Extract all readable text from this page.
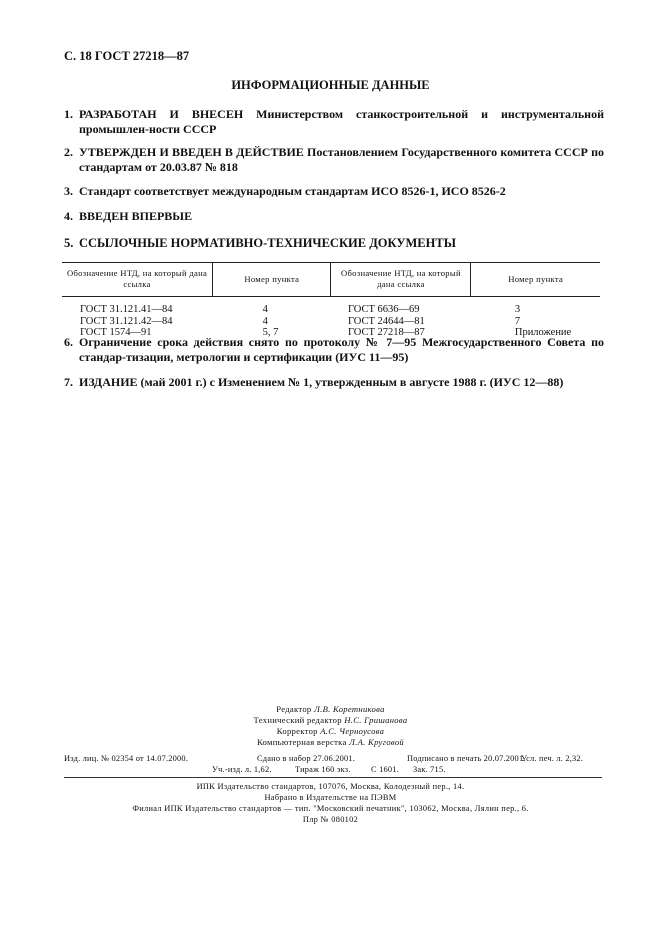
С. 18 ГОСТ 27218—87
ИНФОРМАЦИОННЫЕ ДАННЫЕ
1. РАЗРАБОТАН И ВНЕСЕН Министерством станкостроительной и инструментальной промышлен-ности СССР
2. УТВЕРЖДЕН И ВВЕДЕН В ДЕЙСТВИЕ Постановлением Государственного комитета СССР по стандартам от 20.03.87 № 818
3. Стандарт соответствует международным стандартам ИСО 8526-1, ИСО 8526-2
4. ВВЕДЕН ВПЕРВЫЕ
5. ССЫЛОЧНЫЕ НОРМАТИВНО-ТЕХНИЧЕСКИЕ ДОКУМЕНТЫ
Обозначение НТД, на который дана ссылка	Номер пункта	Обозначение НТД, на который дана ссылка	Номер пункта
ГОСТ 31.121.41—84	4	ГОСТ 6636—69	3
ГОСТ 31.121.42—84	4	ГОСТ 24644—81	7
ГОСТ 1574—91	5, 7	ГОСТ 27218—87	Приложение
6. Ограничение срока действия снято по протоколу № 7—95 Межгосударственного Совета по стандар-тизации, метрологии и сертификации (ИУС 11—95)
7. ИЗДАНИЕ (май 2001 г.) с Изменением № 1, утвержденным в августе 1988 г. (ИУС 12—88)
Редактор Л.В. Коретникова
Технический редактор Н.С. Гришанова
Корректор А.С. Черноусова
Компьютерная верстка Л.А. Круговой
Изд. лиц. № 02354 от 14.07.2000.	Сдано в набор 27.06.2001.	Подписано в печать 20.07.2001.
Усл. печ. л. 2,32.
Уч.-изд. л. 1,62.	Тираж 160 экз. С 1601. Зак. 715.
ИПК Издательство стандартов, 107076, Москва, Колодезный пер., 14.
Набрано в Издательстве на ПЭВМ
Филиал ИПК Издательство стандартов — тип. "Московский печатник", 103062, Москва, Лялин пер., 6.
Плр № 080102
